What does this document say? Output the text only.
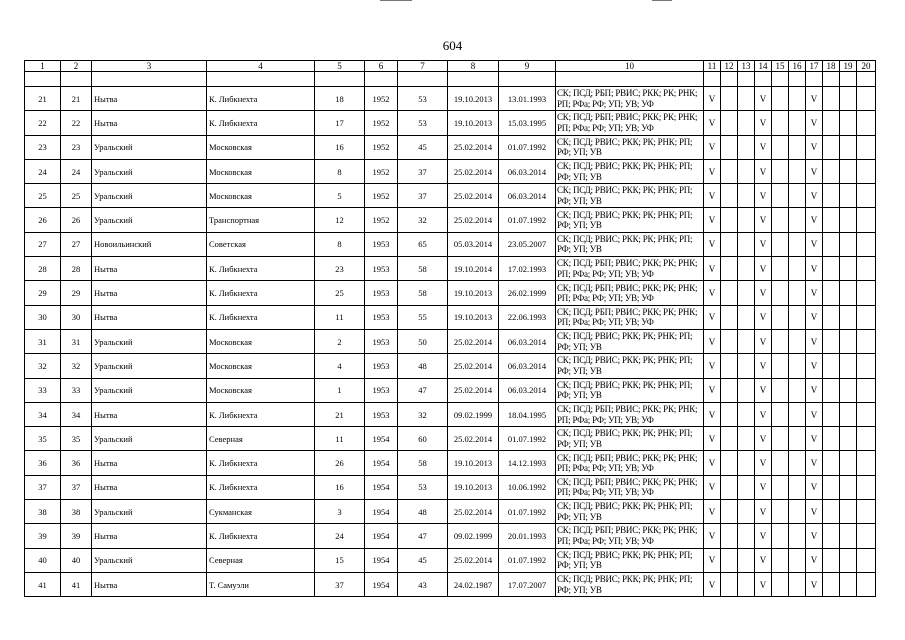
604
1	2	3	4	5	6	7	8	9	10	11	12	13	14	15	16	17	18	19	20

21	21	Нытва	К. Либкнехта	18	1952	53	19.10.2013	13.01.1993	СК; ПСД; РБП; РВИС; РКК; РК; РНК; РП; РФа; РФ; УП; УВ; УФ	V			V			V			
22	22	Нытва	К. Либкнехта	17	1952	53	19.10.2013	15.03.1995	СК; ПСД; РБП; РВИС; РКК; РК; РНК; РП; РФа; РФ; УП; УВ; УФ	V			V			V			
23	23	Уральский	Московская	16	1952	45	25.02.2014	01.07.1992	СК; ПСД; РВИС; РКК; РК; РНК; РП; РФ; УП; УВ	V			V			V			
24	24	Уральский	Московская	8	1952	37	25.02.2014	06.03.2014	СК; ПСД; РВИС; РКК; РК; РНК; РП; РФ; УП; УВ	V			V			V			
25	25	Уральский	Московская	5	1952	37	25.02.2014	06.03.2014	СК; ПСД; РВИС; РКК; РК; РНК; РП; РФ; УП; УВ	V			V			V			
26	26	Уральский	Транспортная	12	1952	32	25.02.2014	01.07.1992	СК; ПСД; РВИС; РКК; РК; РНК; РП; РФ; УП; УВ	V			V			V			
27	27	Новоильинский	Советская	8	1953	65	05.03.2014	23.05.2007	СК; ПСД; РВИС; РКК; РК; РНК; РП; РФ; УП; УВ	V			V			V			
28	28	Нытва	К. Либкнехта	23	1953	58	19.10.2014	17.02.1993	СК; ПСД; РБП; РВИС; РКК; РК; РНК; РП; РФа; РФ; УП; УВ; УФ	V			V			V			
29	29	Нытва	К. Либкнехта	25	1953	58	19.10.2013	26.02.1999	СК; ПСД; РБП; РВИС; РКК; РК; РНК; РП; РФа; РФ; УП; УВ; УФ	V			V			V			
30	30	Нытва	К. Либкнехта	11	1953	55	19.10.2013	22.06.1993	СК; ПСД; РБП; РВИС; РКК; РК; РНК; РП; РФа; РФ; УП; УВ; УФ	V			V			V			
31	31	Уральский	Московская	2	1953	50	25.02.2014	06.03.2014	СК; ПСД; РВИС; РКК; РК; РНК; РП; РФ; УП; УВ	V			V			V			
32	32	Уральский	Московская	4	1953	48	25.02.2014	06.03.2014	СК; ПСД; РВИС; РКК; РК; РНК; РП; РФ; УП; УВ	V			V			V			
33	33	Уральский	Московская	1	1953	47	25.02.2014	06.03.2014	СК; ПСД; РВИС; РКК; РК; РНК; РП; РФ; УП; УВ	V			V			V			
34	34	Нытва	К. Либкнехта	21	1953	32	09.02.1999	18.04.1995	СК; ПСД; РБП; РВИС; РКК; РК; РНК; РП; РФа; РФ; УП; УВ; УФ	V			V			V			
35	35	Уральский	Северная	11	1954	60	25.02.2014	01.07.1992	СК; ПСД; РВИС; РКК; РК; РНК; РП; РФ; УП; УВ	V			V			V			
36	36	Нытва	К. Либкнехта	26	1954	58	19.10.2013	14.12.1993	СК; ПСД; РБП; РВИС; РКК; РК; РНК; РП; РФа; РФ; УП; УВ; УФ	V			V			V			
37	37	Нытва	К. Либкнехта	16	1954	53	19.10.2013	10.06.1992	СК; ПСД; РБП; РВИС; РКК; РК; РНК; РП; РФа; РФ; УП; УВ; УФ	V			V			V			
38	38	Уральский	Сукманская	3	1954	48	25.02.2014	01.07.1992	СК; ПСД; РВИС; РКК; РК; РНК; РП; РФ; УП; УВ	V			V			V			
39	39	Нытва	К. Либкнехта	24	1954	47	09.02.1999	20.01.1993	СК; ПСД; РБП; РВИС; РКК; РК; РНК; РП; РФа; РФ; УП; УВ; УФ	V			V			V			
40	40	Уральский	Северная	15	1954	45	25.02.2014	01.07.1992	СК; ПСД; РВИС; РКК; РК; РНК; РП; РФ; УП; УВ	V			V			V			
41	41	Нытва	Т. Самуэли	37	1954	43	24.02.1987	17.07.2007	СК; ПСД; РВИС; РКК; РК; РНК; РП; РФ; УП; УВ	V			V			V			
